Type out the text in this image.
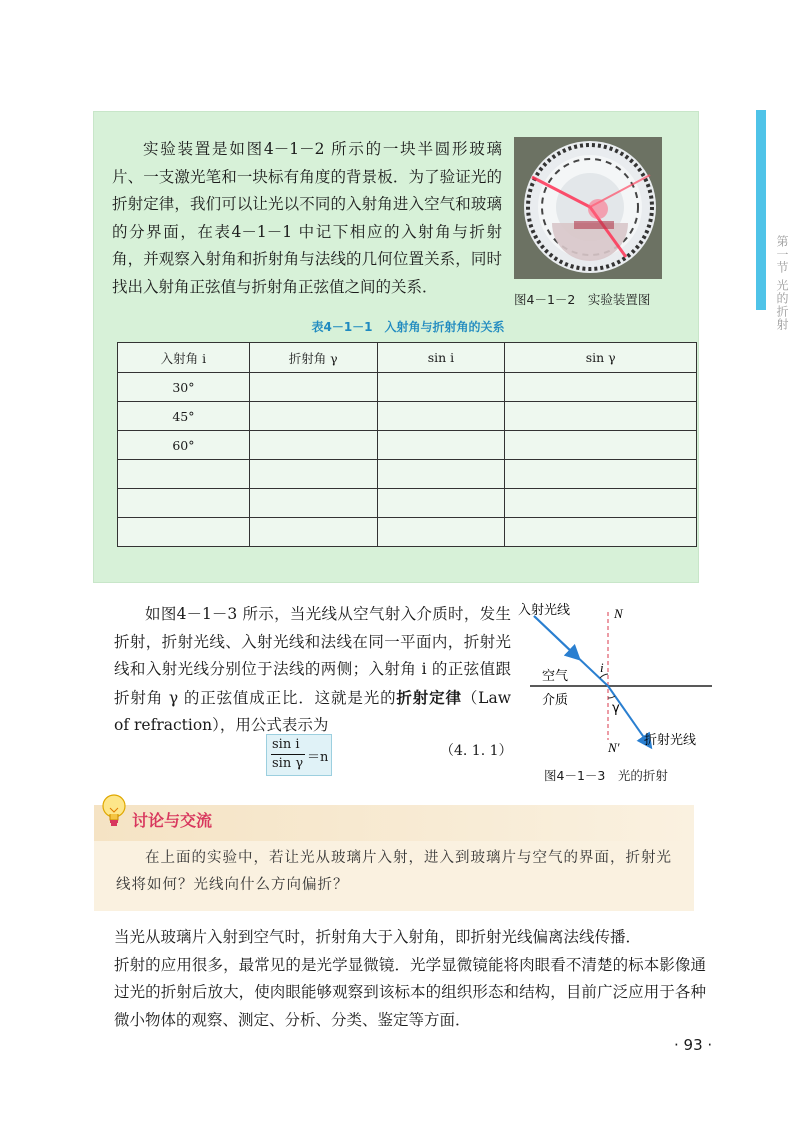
第一节 光的折射
实验装置是如图4－1－2 所示的一块半圆形玻璃片、一支激光笔和一块标有角度的背景板．为了验证光的折射定律，我们可以让光以不同的入射角进入空气和玻璃的分界面，在表4－1－1 中记下相应的入射角与折射角，并观察入射角和折射角与法线的几何位置关系，同时找出入射角正弦值与折射角正弦值之间的关系．
图4－1－2　实验装置图
表4－1－1　入射角与折射角的关系
入射角 i	折射角 γ	sin i	sin γ
30°			
45°			
60°			

如图4－1－3 所示，当光线从空气射入介质时，发生折射，折射光线、入射光线和法线在同一平面内，折射光线和入射光线分别位于法线的两侧；入射角 i 的正弦值跟折射角 γ 的正弦值成正比．这就是光的折射定律（Law of refraction），用公式表示为
sin i
sin γ ＝n	（4. 1. 1）
N
N′
入射光线
空气
介质
i
γ
折射光线
图4－1－3　光的折射
讨论与交流
在上面的实验中，若让光从玻璃片入射，进入到玻璃片与空气的界面，折射光线将如何？光线向什么方向偏折？

当光从玻璃片入射到空气时，折射角大于入射角，即折射光线偏离法线传播．

折射的应用很多，最常见的是光学显微镜．光学显微镜能将肉眼看不清楚的标本影像通过光的折射后放大，使肉眼能够观察到该标本的组织形态和结构，目前广泛应用于各种微小物体的观察、测定、分析、分类、鉴定等方面．

· 93 ·
